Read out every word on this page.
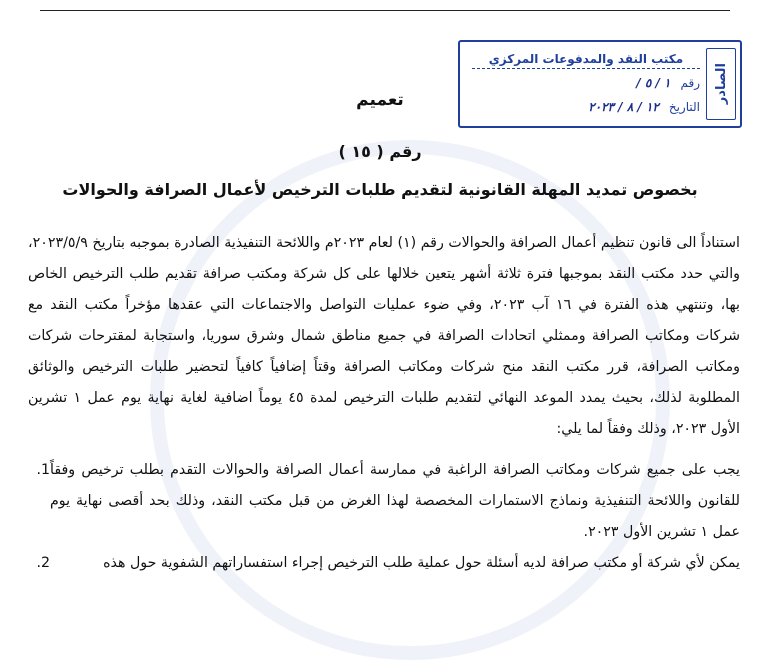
الصادر
مكتب النقد والمدفوعات المركزي
رقم
١ / ٥ /
التاريخ
١٢ / ٨ / ٢٠٢٣
تعميم
رقم ( ١٥ )
بخصوص تمديد المهلة القانونية لتقديم طلبات الترخيص لأعمال الصرافة والحوالات

استناداً الى قانون تنظيم أعمال الصرافة والحوالات رقم (١) لعام ٢٠٢٣م واللائحة التنفيذية الصادرة بموجبه بتاريخ ٢٠٢٣/٥/٩، والتي حدد مكتب النقد بموجبها فترة ثلاثة أشهر يتعين خلالها على كل شركة ومكتب صرافة تقديم طلب الترخيص الخاص بها، وتنتهي هذه الفترة في ١٦ آب ٢٠٢٣، وفي ضوء عمليات التواصل والاجتماعات التي عقدها مؤخراً مكتب النقد مع شركات ومكاتب الصرافة وممثلي اتحادات الصرافة في جميع مناطق شمال وشرق سوريا، واستجابة لمقترحات شركات ومكاتب الصرافة، قرر مكتب النقد منح شركات ومكاتب الصرافة وقتاً إضافياً كافياً لتحضير طلبات الترخيص والوثائق المطلوبة لذلك، بحيث يمدد الموعد النهائي لتقديم طلبات الترخيص لمدة ٤٥ يوماً اضافية لغاية نهاية يوم عمل ١ تشرين الأول ٢٠٢٣، وذلك وفقاً لما يلي:

يجب على جميع شركات ومكاتب الصرافة الراغبة في ممارسة أعمال الصرافة والحوالات التقدم بطلب ترخيص وفقاً للقانون واللائحة التنفيذية ونماذج الاستمارات المخصصة لهذا الغرض من قبل مكتب النقد، وذلك بحد أقصى نهاية يوم عمل ١ تشرين الأول ٢٠٢٣.
1.
يمكن لأي شركة أو مكتب صرافة لديه أسئلة حول عملية طلب الترخيص إجراء استفساراتهم الشفوية حول هذه
2.
